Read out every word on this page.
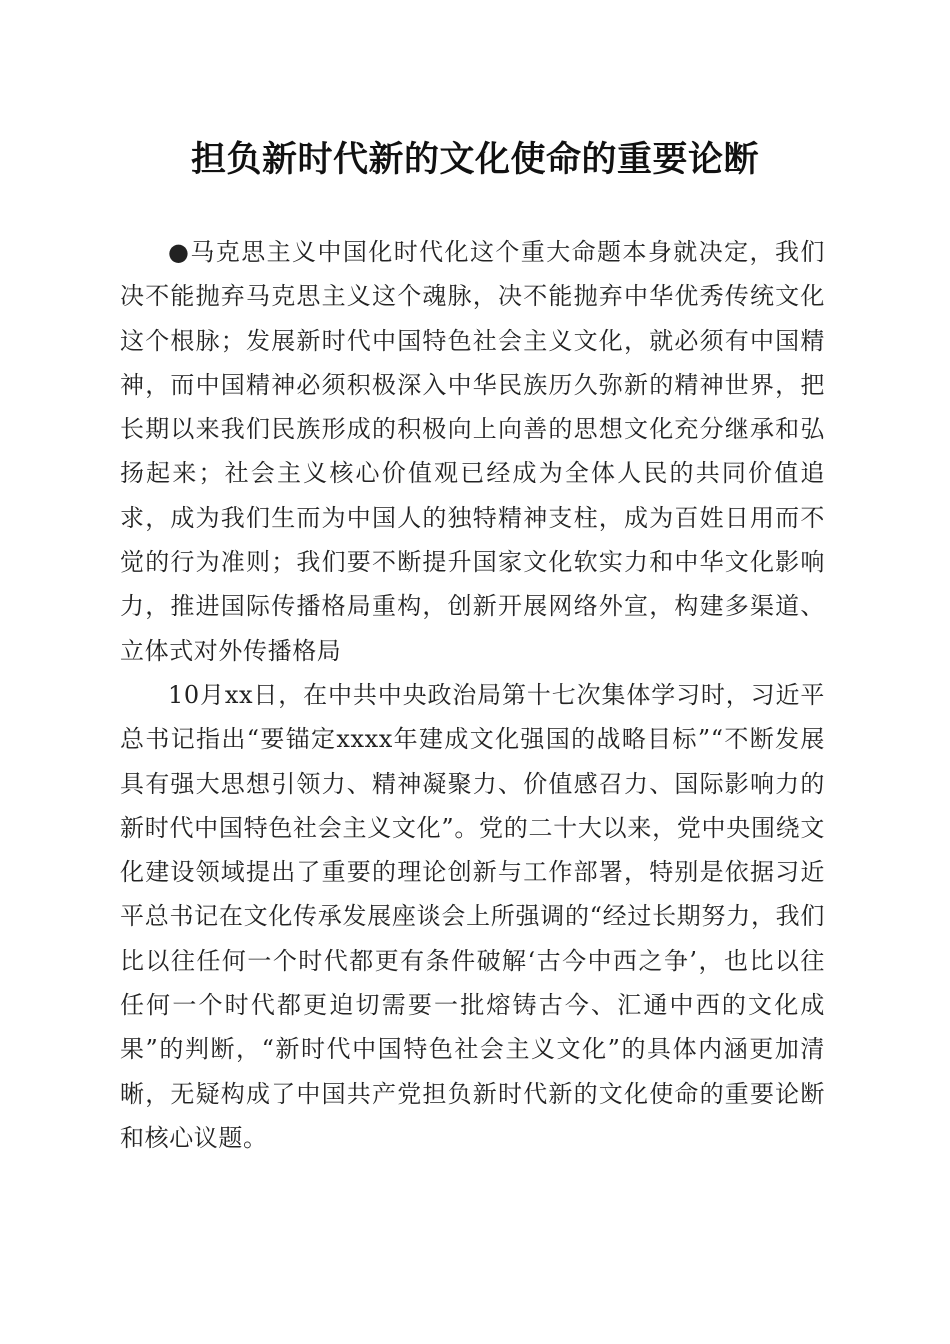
担负新时代新的文化使命的重要论断

●马克思主义中国化时代化这个重大命题本身就决定，我们决不能抛弃马克思主义这个魂脉，决不能抛弃中华优秀传统文化这个根脉；发展新时代中国特色社会主义文化，就必须有中国精神，而中国精神必须积极深入中华民族历久弥新的精神世界，把长期以来我们民族形成的积极向上向善的思想文化充分继承和弘扬起来；社会主义核心价值观已经成为全体人民的共同价值追求，成为我们生而为中国人的独特精神支柱，成为百姓日用而不觉的行为准则；我们要不断提升国家文化软实力和中华文化影响力，推进国际传播格局重构，创新开展网络外宣，构建多渠道、立体式对外传播格局

10月xx日，在中共中央政治局第十七次集体学习时，习近平总书记指出“要锚定xxxx年建成文化强国的战略目标”“不断发展具有强大思想引领力、精神凝聚力、价值感召力、国际影响力的新时代中国特色社会主义文化”。党的二十大以来，党中央围绕文化建设领域提出了重要的理论创新与工作部署，特别是依据习近平总书记在文化传承发展座谈会上所强调的“经过长期努力，我们比以往任何一个时代都更有条件破解‘古今中西之争’，也比以往任何一个时代都更迫切需要一批熔铸古今、汇通中西的文化成果”的判断，“新时代中国特色社会主义文化”的具体内涵更加清晰，无疑构成了中国共产党担负新时代新的文化使命的重要论断和核心议题。
